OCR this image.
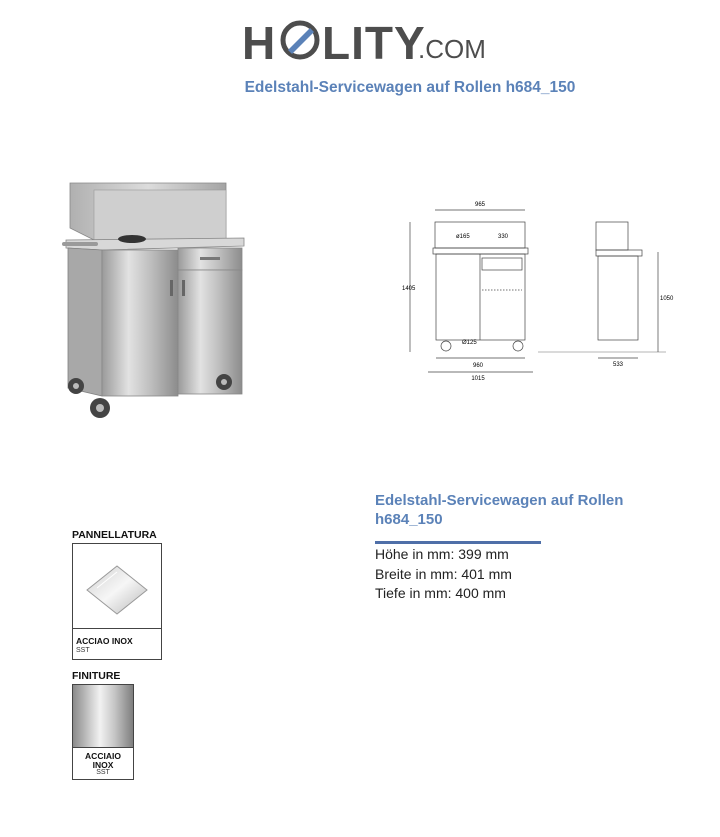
H LITY
.COM
Edelstahl-Servicewagen auf Rollen h684_150
965
ø165	330
1405
Ø125
960
1015
1050
533
Edelstahl-Servicewagen auf Rollen h684_150
Höhe in mm: 399 mm
Breite in mm: 401 mm
Tiefe in mm: 400 mm
PANNELLATURA
ACCIAO INOX
SST
FINITURE
ACCIAIO
INOX
SST
